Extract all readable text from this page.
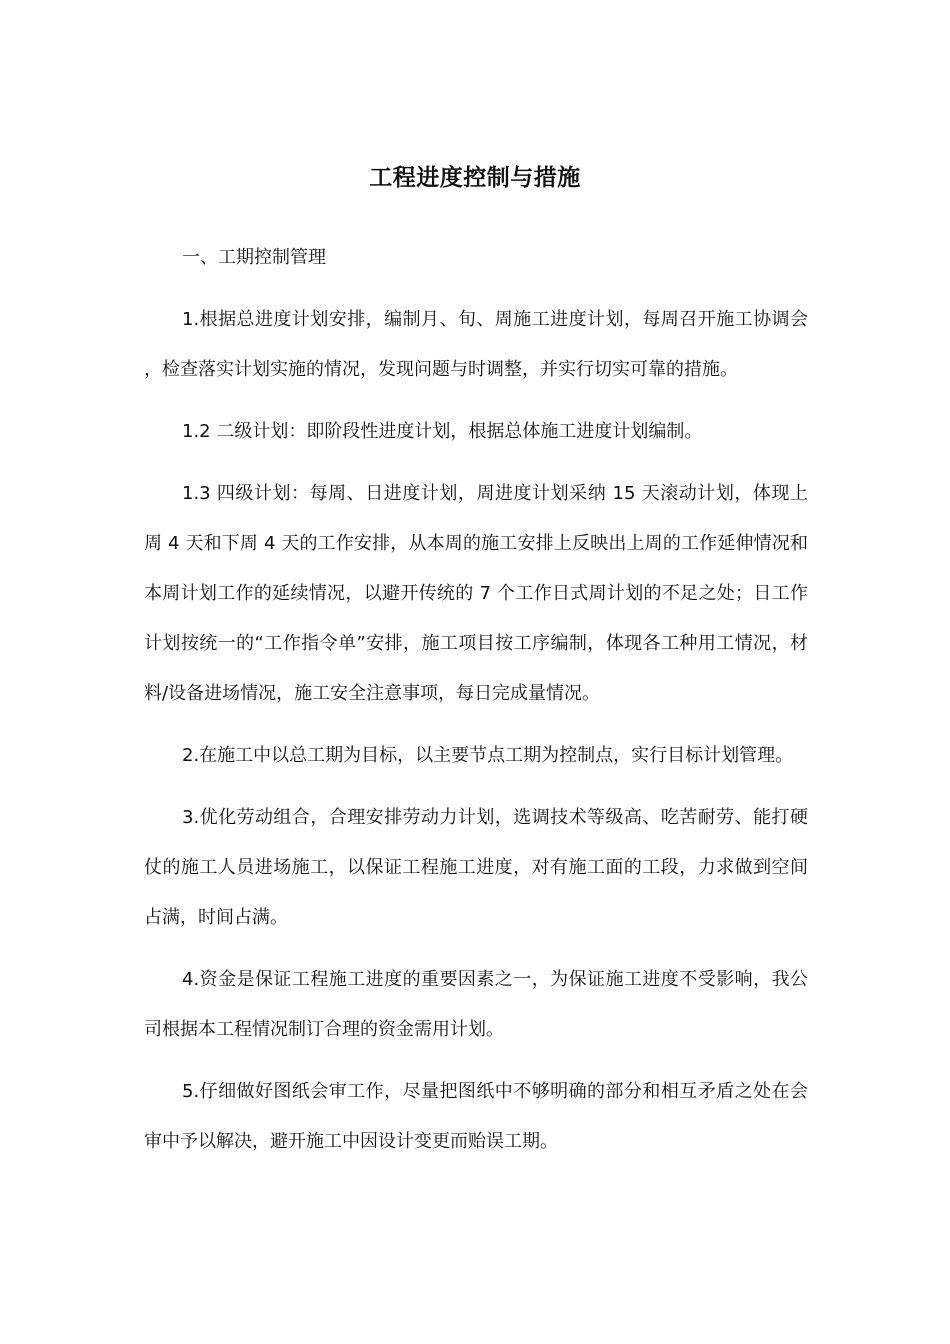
工程进度控制与措施

一、工期控制管理

1.根据总进度计划安排，编制月、旬、周施工进度计划，每周召开施工协调会，检查落实计划实施的情况，发现问题与时调整，并实行切实可靠的措施。

1.2 二级计划：即阶段性进度计划，根据总体施工进度计划编制。

1.3 四级计划：每周、日进度计划，周进度计划采纳 15 天滚动计划，体现上周 4 天和下周 4 天的工作安排，从本周的施工安排上反映出上周的工作延伸情况和本周计划工作的延续情况，以避开传统的 7 个工作日式周计划的不足之处；日工作计划按统一的“工作指令单”安排，施工项目按工序编制，体现各工种用工情况，材料/设备进场情况，施工安全注意事项，每日完成量情况。

2.在施工中以总工期为目标，以主要节点工期为控制点，实行目标计划管理。

3.优化劳动组合，合理安排劳动力计划，选调技术等级高、吃苦耐劳、能打硬仗的施工人员进场施工，以保证工程施工进度，对有施工面的工段，力求做到空间占满，时间占满。

4.资金是保证工程施工进度的重要因素之一，为保证施工进度不受影响，我公司根据本工程情况制订合理的资金需用计划。

5.仔细做好图纸会审工作，尽量把图纸中不够明确的部分和相互矛盾之处在会审中予以解决，避开施工中因设计变更而贻误工期。
